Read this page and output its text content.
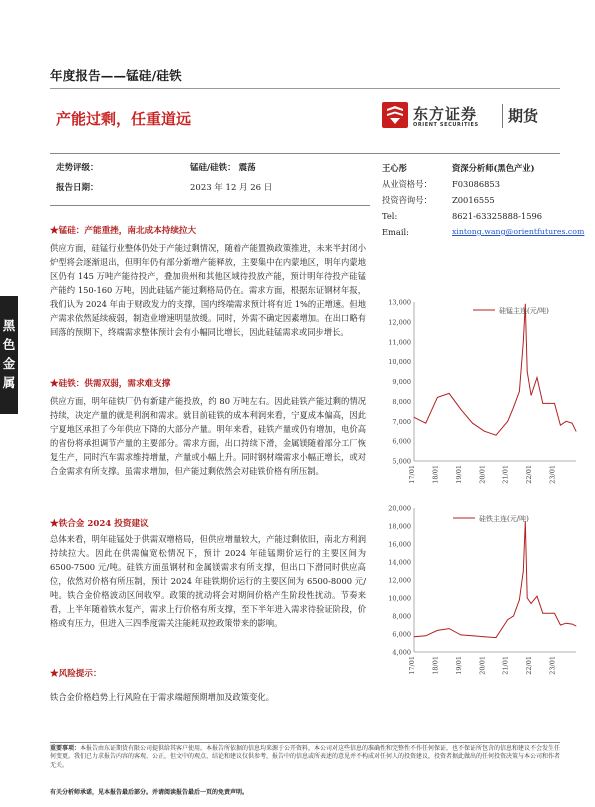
年度报告——锰硅/硅铁
产能过剩，任重道远	东方证券
ORIENT SECURITIES 期货
黑
色
金
属
走势评级：	锰硅/硅铁： 震荡
报告日期：	2023 年 12 月 26 日
王心彤	资深分析师(黑色产业)
从业资格号： F03086853
投资咨询号： Z0016555
Tel:	8621-63325888-1596
Email:	xintong.wang@orientfutures.com
★锰硅：产能重挫，南北成本持续拉大
供应方面，硅锰行业整体仍处于产能过剩情况，随着产能置换政策推进，未来半封闭小炉型将会逐渐退出，但明年仍有部分新增产能释放，主要集中在内蒙地区，明年内蒙地区仍有 145 万吨产能待投产，叠加贵州和其他区域待投放产能，预计明年待投产硅锰产能约 150-160 万吨，因此硅锰产能过剩格局仍在。需求方面，根据东证钢材年报，我们认为 2024 年由于财政发力的支撑，国内终端需求预计将有近 1%的正增速。但地产需求依然延续疲弱，制造业增速明显放缓。同时，外需不确定因素增加。在出口略有回落的预期下，终端需求整体预计会有小幅同比增长，因此硅锰需求或同步增长。
★硅铁：供需双弱，需求难支撑
供应方面，明年硅铁厂仍有新建产能投放，约 80 万吨左右。因此硅铁产能过剩的情况持续，决定产量的就是利润和需求。就目前硅铁的成本利润来看，宁夏成本偏高，因此宁夏地区承担了今年供应下降的大部分产量。明年来看，硅铁产量或仍有增加，电价高的省份将承担调节产量的主要部分。需求方面，出口持续下滑，金属镁随着部分工厂恢复生产，同时汽车需求维持增量，产量或小幅上升。同时钢材端需求小幅正增长，或对合金需求有所支撑。虽需求增加，但产能过剩依然会对硅铁价格有所压制。
★铁合金 2024 投资建议
总体来看，明年硅锰处于供需双增格局，但供应增量较大，产能过剩依旧，南北方利润持续拉大。因此在供需偏宽松情况下，预计 2024 年硅锰期价运行的主要区间为 6500-7500 元/吨。硅铁方面虽钢材和金属镁需求有所支撑，但出口下滑同时供应高位，依然对价格有所压制，预计 2024 年硅铁期价运行的主要区间为 6500-8000 元/吨。铁合金价格波动区间收窄。政策的扰动将会对期间价格产生阶段性扰动。节奏来看，上半年随着铁水复产，需求上行价格有所支撑，至下半年进入需求待验证阶段，价格或有压力，但进入三四季度需关注能耗双控政策带来的影响。
★风险提示：
铁合金价格趋势上行风险在于需求端超预期增加及政策变化。
5,000
6,000
7,000
8,000
9,000
10,000
11,000
12,000
13,000
17/01 18/01 19/01 20/01 21/01 22/01 23/01
硅锰主连(元/吨)
4,000
6,000
8,000
10,000
12,000
14,000
16,000
18,000
20,000
17/01 18/01 19/01 20/01 21/01 22/01 23/01
硅铁主连(元/吨)
重要事项：本报告由东证期货有限公司提供给其客户使用。本报告所依据的信息均来源于公开资料，本公司对这些信息的准确性和完整性不作任何保证，也不保证所包含的信息和建议不会发生任何变更。我们已力求报告内容的客观、公正，但文中的观点、结论和建议仅供参考，报告中的信息或所表述的意见并不构成对任何人的投资建议，投资者据此做出的任何投资决策与本公司和作者无关。
有关分析师承诺，见本报告最后部分。并请阅读报告最后一页的免责声明。
